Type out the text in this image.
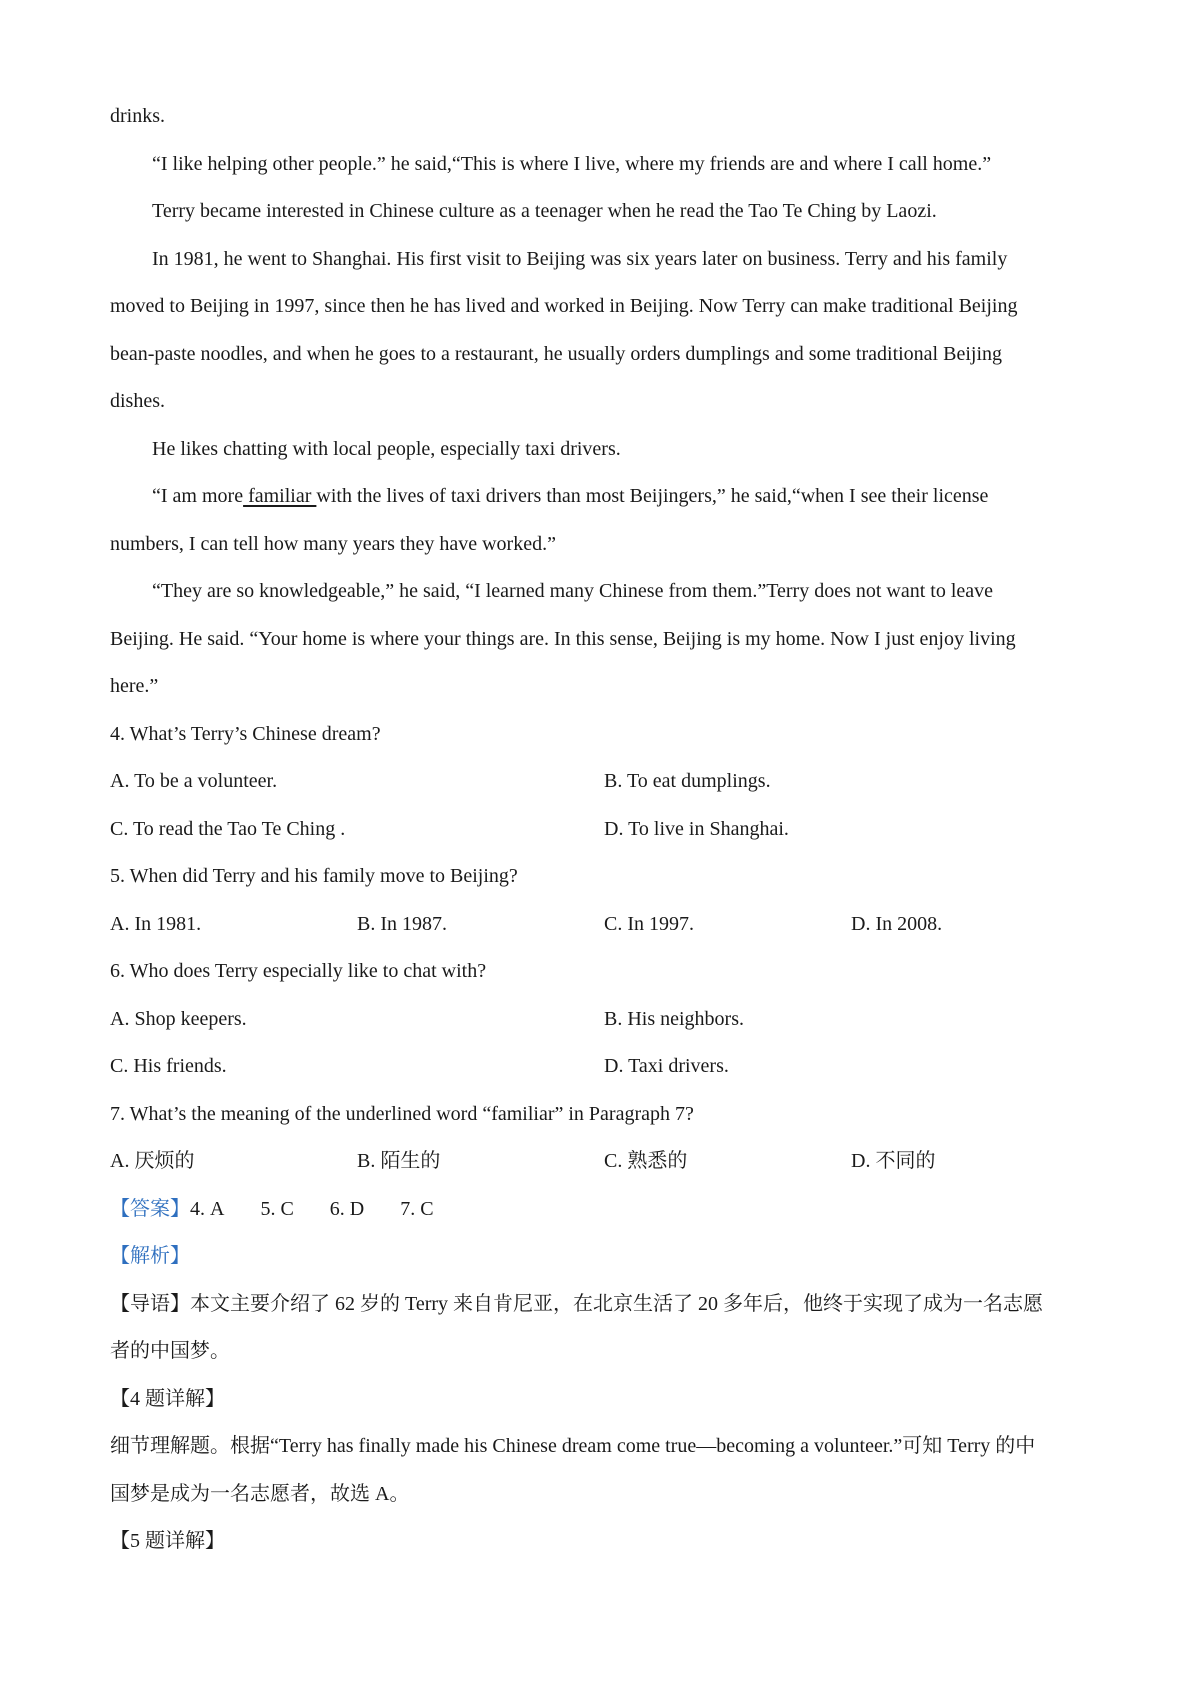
drinks.
“I like helping other people.” he said,“This is where I live, where my friends are and where I call home.”
Terry became interested in Chinese culture as a teenager when he read the Tao Te Ching by Laozi.
In 1981, he went to Shanghai. His first visit to Beijing was six years later on business. Terry and his family
moved to Beijing in 1997, since then he has lived and worked in Beijing. Now Terry can make traditional Beijing
bean-paste noodles, and when he goes to a restaurant, he usually orders dumplings and some traditional Beijing
dishes.
He likes chatting with local people, especially taxi drivers.
“I am more familiar with the lives of taxi drivers than most Beijingers,” he said,“when I see their license
numbers, I can tell how many years they have worked.”
“They are so knowledgeable,” he said, “I learned many Chinese from them.”Terry does not want to leave
Beijing. He said. “Your home is where your things are. In this sense, Beijing is my home. Now I just enjoy living
here.”
4. What’s Terry’s Chinese dream?
A. To be a volunteer.	B. To eat dumplings.
C. To read the Tao Te Ching .	D. To live in Shanghai.
5. When did Terry and his family move to Beijing?
A. In 1981.	B. In 1987.	C. In 1997.	D. In 2008.
6. Who does Terry especially like to chat with?
A. Shop keepers.	B. His neighbors.
C. His friends.	D. Taxi drivers.
7. What’s the meaning of the underlined word “familiar” in Paragraph 7?
A. 厌烦的	B. 陌生的	C. 熟悉的	D. 不同的
【答案】4. A 5. C 6. D 7. C
【解析】
【导语】本文主要介绍了 62 岁的 Terry 来自肯尼亚，在北京生活了 20 多年后，他终于实现了成为一名志愿
者的中国梦。
【4 题详解】
细节理解题。根据“Terry has finally made his Chinese dream come true—becoming a volunteer.”可知 Terry 的中
国梦是成为一名志愿者，故选 A。
【5 题详解】
